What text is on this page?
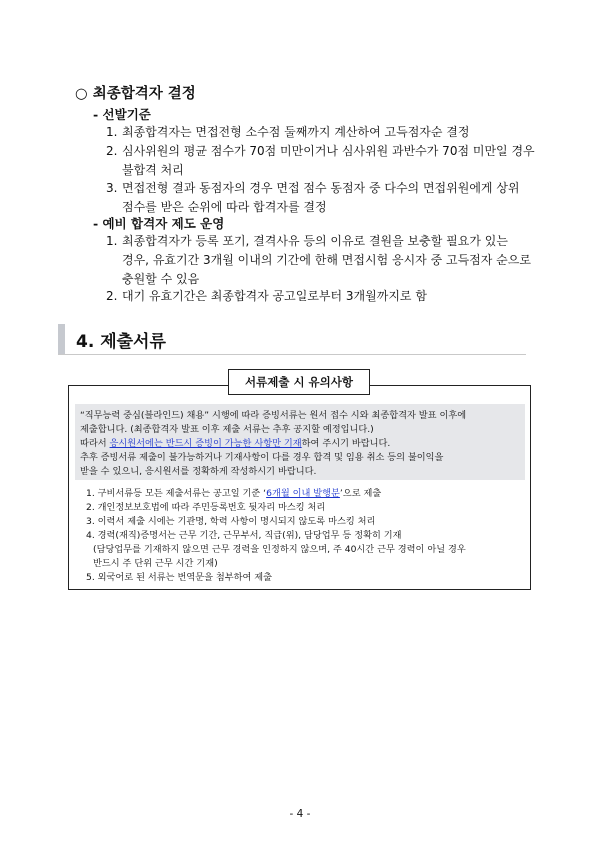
○ 최종합격자 결정
- 선발기준
1. 최종합격자는 면접전형 소수점 둘째까지 계산하여 고득점자순 결정
2. 심사위원의 평균 점수가 70점 미만이거나 심사위원 과반수가 70점 미만일 경우
불합격 처리
3. 면접전형 결과 동점자의 경우 면접 점수 동점자 중 다수의 면접위원에게 상위
점수를 받은 순위에 따라 합격자를 결정
- 예비 합격자 제도 운영
1. 최종합격자가 등록 포기, 결격사유 등의 이유로 결원을 보충할 필요가 있는
경우, 유효기간 3개월 이내의 기간에 한해 면접시험 응시자 중 고득점자 순으로
충원할 수 있음
2. 대기 유효기간은 최종합격자 공고일로부터 3개월까지로 함
4. 제출서류
서류제출 시 유의사항
“직무능력 중심(블라인드) 채용” 시행에 따라 증빙서류는 원서 접수 시와 최종합격자 발표 이후에
제출합니다. (최종합격자 발표 이후 제출 서류는 추후 공지할 예정입니다.)
따라서 응시원서에는 반드시 증빙이 가능한 사항만 기재하여 주시기 바랍니다.
추후 증빙서류 제출이 불가능하거나 기재사항이 다를 경우 합격 및 임용 취소 등의 불이익을
받을 수 있으니, 응시원서를 정확하게 작성하시기 바랍니다.
1. 구비서류등 모든 제출서류는 공고일 기준 ‘6개월 이내 발행분’으로 제출
2. 개인정보보호법에 따라 주민등록번호 뒷자리 마스킹 처리
3. 이력서 제출 시에는 기관명, 학력 사항이 명시되지 않도록 마스킹 처리
4. 경력(재직)증명서는 근무 기간, 근무부서, 직급(위), 담당업무 등 정확히 기재
(담당업무를 기재하지 않으면 근무 경력을 인정하지 않으며, 주 40시간 근무 경력이 아닐 경우
반드시 주 단위 근무 시간 기재)
5. 외국어로 된 서류는 번역문을 첨부하여 제출
- 4 -
